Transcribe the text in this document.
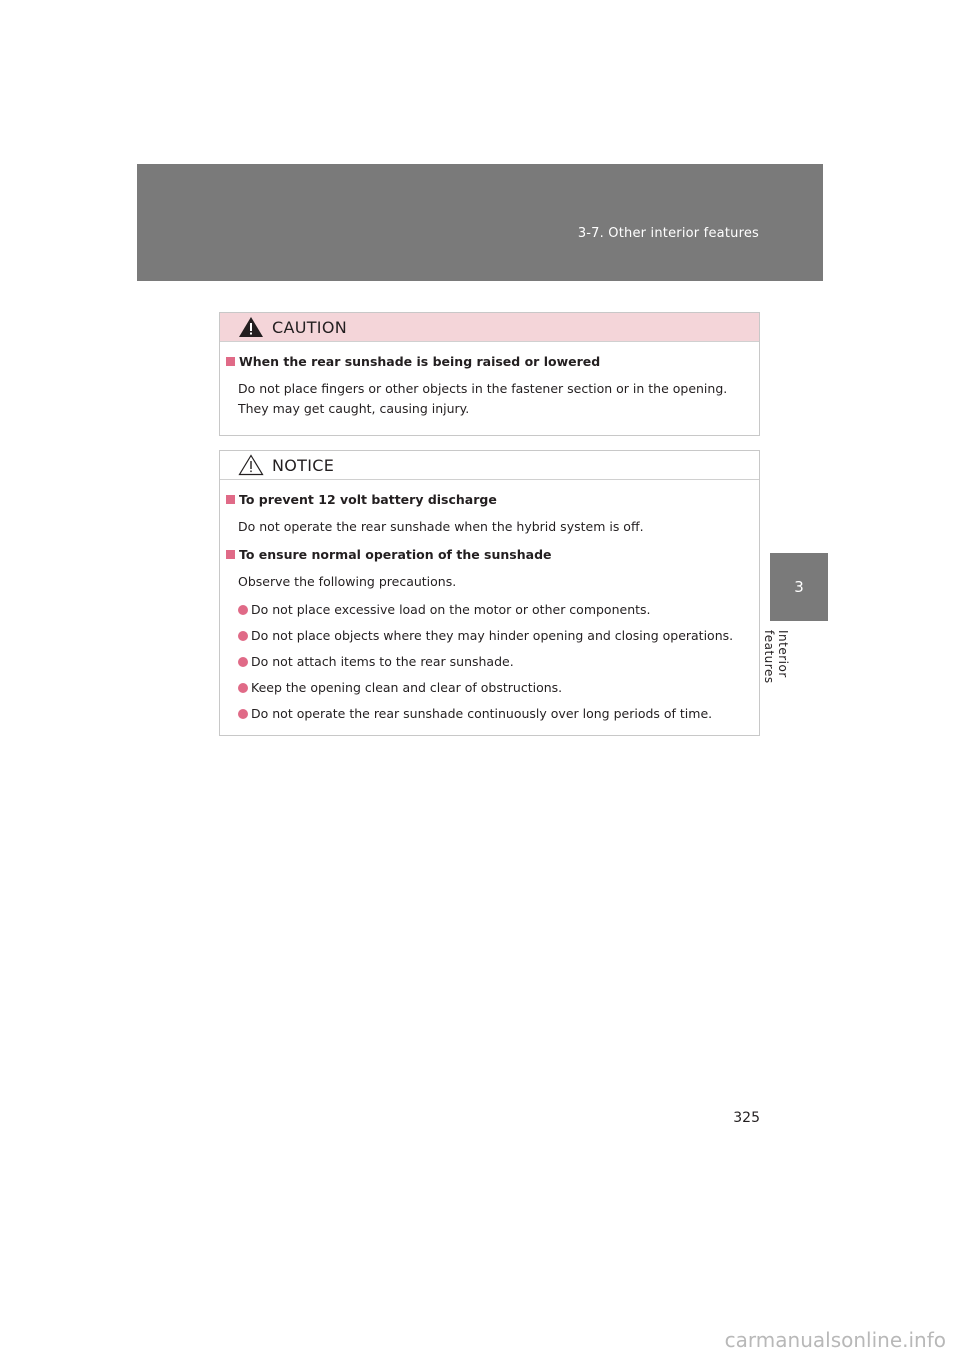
3-7. Other interior features
3
Interior features
CAUTION
When the rear sunshade is being raised or lowered
Do not place fingers or other objects in the fastener section or in the opening.
They may get caught, causing injury.
NOTICE
To prevent 12 volt battery discharge
Do not operate the rear sunshade when the hybrid system is off.
To ensure normal operation of the sunshade
Observe the following precautions.
Do not place excessive load on the motor or other components.
Do not place objects where they may hinder opening and closing operations.
Do not attach items to the rear sunshade.
Keep the opening clean and clear of obstructions.
Do not operate the rear sunshade continuously over long periods of time.
325
carmanualsonline.info
